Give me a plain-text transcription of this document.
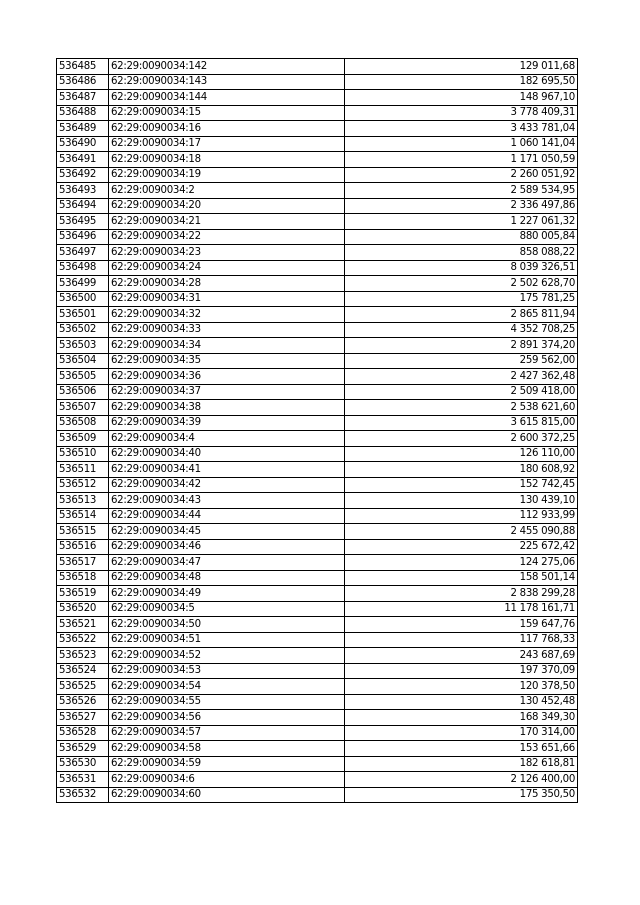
536485	62:29:0090034:142	129 011,68
536486	62:29:0090034:143	182 695,50
536487	62:29:0090034:144	148 967,10
536488	62:29:0090034:15	3 778 409,31
536489	62:29:0090034:16	3 433 781,04
536490	62:29:0090034:17	1 060 141,04
536491	62:29:0090034:18	1 171 050,59
536492	62:29:0090034:19	2 260 051,92
536493	62:29:0090034:2	2 589 534,95
536494	62:29:0090034:20	2 336 497,86
536495	62:29:0090034:21	1 227 061,32
536496	62:29:0090034:22	880 005,84
536497	62:29:0090034:23	858 088,22
536498	62:29:0090034:24	8 039 326,51
536499	62:29:0090034:28	2 502 628,70
536500	62:29:0090034:31	175 781,25
536501	62:29:0090034:32	2 865 811,94
536502	62:29:0090034:33	4 352 708,25
536503	62:29:0090034:34	2 891 374,20
536504	62:29:0090034:35	259 562,00
536505	62:29:0090034:36	2 427 362,48
536506	62:29:0090034:37	2 509 418,00
536507	62:29:0090034:38	2 538 621,60
536508	62:29:0090034:39	3 615 815,00
536509	62:29:0090034:4	2 600 372,25
536510	62:29:0090034:40	126 110,00
536511	62:29:0090034:41	180 608,92
536512	62:29:0090034:42	152 742,45
536513	62:29:0090034:43	130 439,10
536514	62:29:0090034:44	112 933,99
536515	62:29:0090034:45	2 455 090,88
536516	62:29:0090034:46	225 672,42
536517	62:29:0090034:47	124 275,06
536518	62:29:0090034:48	158 501,14
536519	62:29:0090034:49	2 838 299,28
536520	62:29:0090034:5	11 178 161,71
536521	62:29:0090034:50	159 647,76
536522	62:29:0090034:51	117 768,33
536523	62:29:0090034:52	243 687,69
536524	62:29:0090034:53	197 370,09
536525	62:29:0090034:54	120 378,50
536526	62:29:0090034:55	130 452,48
536527	62:29:0090034:56	168 349,30
536528	62:29:0090034:57	170 314,00
536529	62:29:0090034:58	153 651,66
536530	62:29:0090034:59	182 618,81
536531	62:29:0090034:6	2 126 400,00
536532	62:29:0090034:60	175 350,50
